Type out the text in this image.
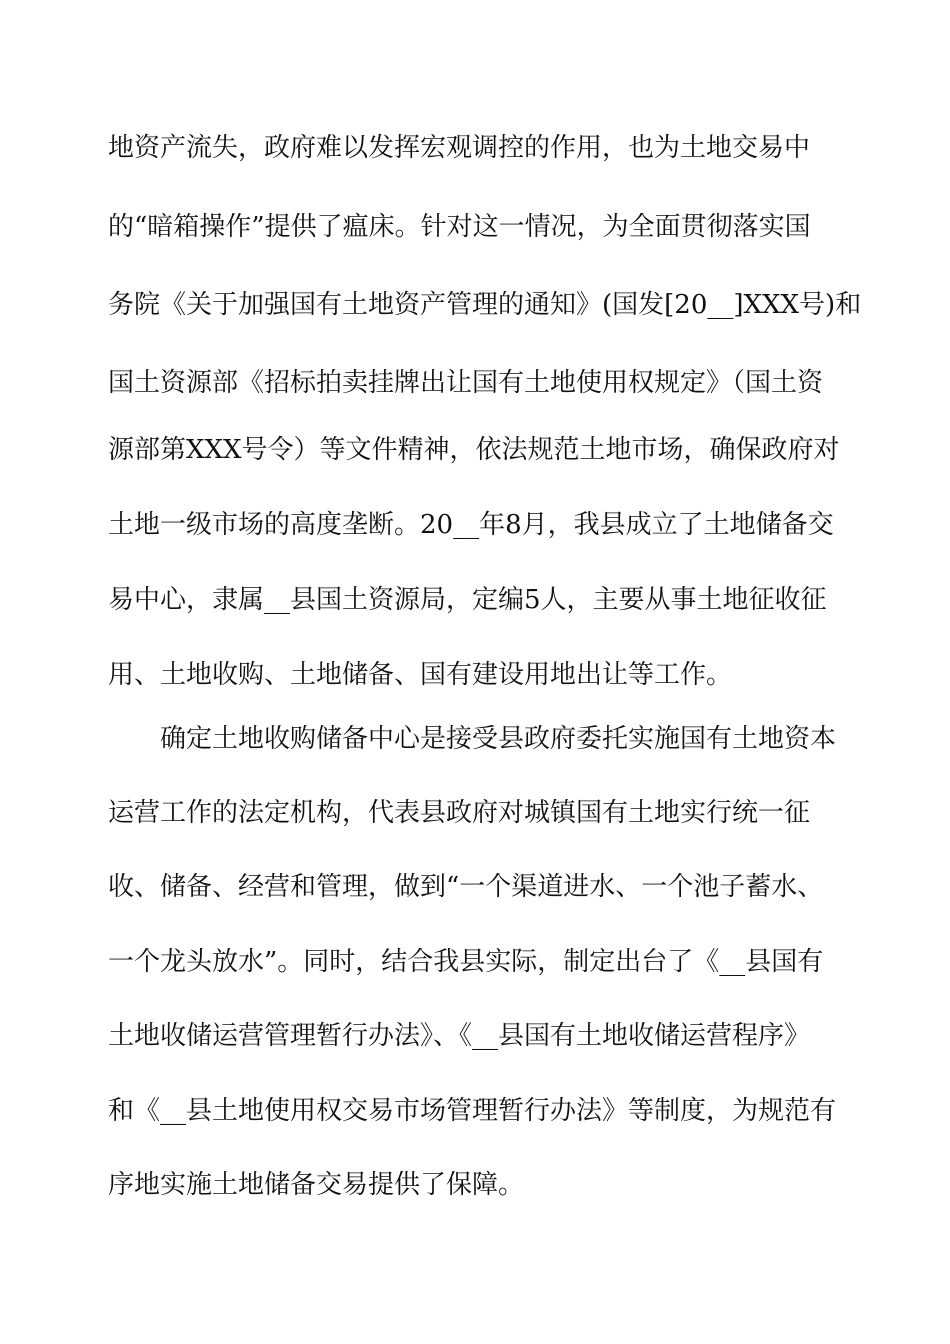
地资产流失，政府难以发挥宏观调控的作用，也为土地交易中
的“暗箱操作”提供了瘟床。针对这一情况，为全面贯彻落实国
务院《关于加强国有土地资产管理的通知》(国发[20__]XXX号)和
国土资源部《招标拍卖挂牌出让国有土地使用权规定》（国土资
源部第XXX号令）等文件精神，依法规范土地市场，确保政府对
土地一级市场的高度垄断。20__年8月，我县成立了土地储备交
易中心，隶属__县国土资源局，定编5人，主要从事土地征收征
用、土地收购、土地储备、国有建设用地出让等工作。
确定土地收购储备中心是接受县政府委托实施国有土地资本
运营工作的法定机构，代表县政府对城镇国有土地实行统一征
收、储备、经营和管理，做到“一个渠道进水、一个池子蓄水、
一个龙头放水”。同时，结合我县实际，制定出台了《__县国有
土地收储运营管理暂行办法》、《__县国有土地收储运营程序》
和《__县土地使用权交易市场管理暂行办法》等制度，为规范有
序地实施土地储备交易提供了保障。
